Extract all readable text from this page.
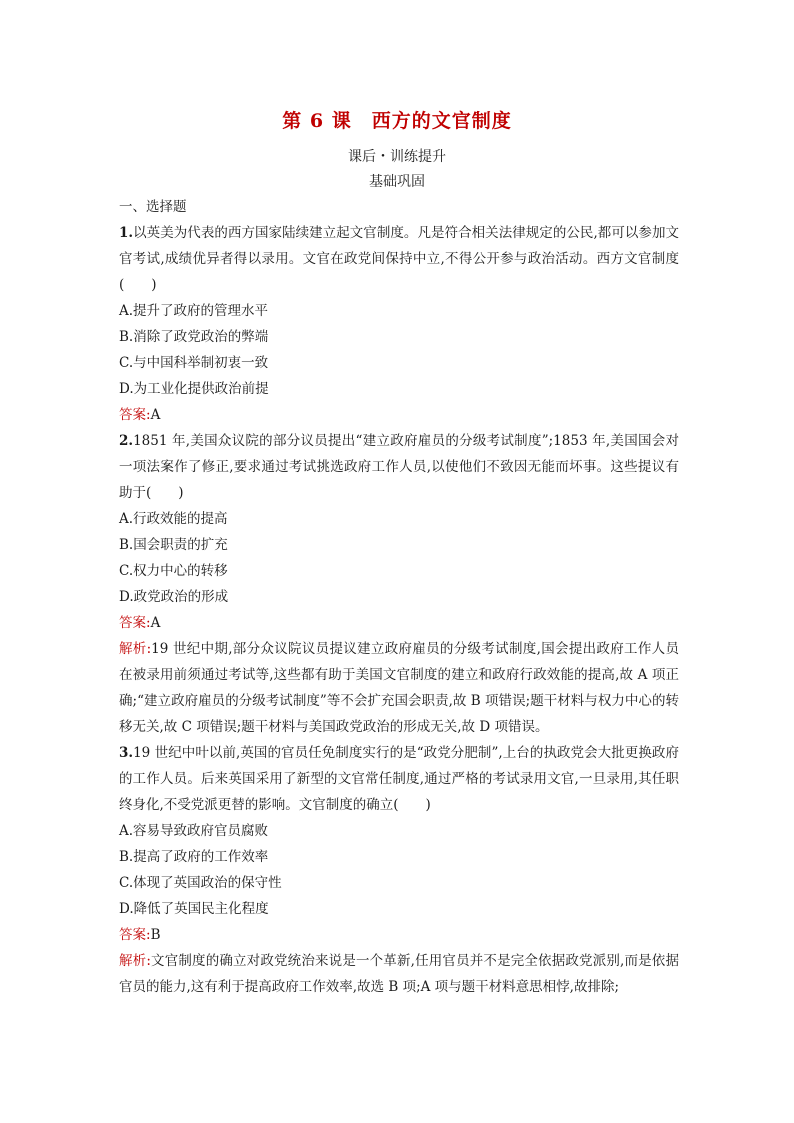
第 6 课　西方的文官制度
课后・训练提升
基础巩固

一、选择题

1.以英美为代表的西方国家陆续建立起文官制度。凡是符合相关法律规定的公民,都可以参加文官考试,成绩优异者得以录用。文官在政党间保持中立,不得公开参与政治活动。西方文官制度(　　)

A.提升了政府的管理水平

B.消除了政党政治的弊端

C.与中国科举制初衷一致

D.为工业化提供政治前提

答案:A

2.1851 年,美国众议院的部分议员提出“建立政府雇员的分级考试制度”;1853 年,美国国会对一项法案作了修正,要求通过考试挑选政府工作人员,以使他们不致因无能而坏事。这些提议有助于(　　)

A.行政效能的提高

B.国会职责的扩充

C.权力中心的转移

D.政党政治的形成

答案:A

解析:19 世纪中期,部分众议院议员提议建立政府雇员的分级考试制度,国会提出政府工作人员在被录用前须通过考试等,这些都有助于美国文官制度的建立和政府行政效能的提高,故 A 项正确;“建立政府雇员的分级考试制度”等不会扩充国会职责,故 B 项错误;题干材料与权力中心的转移无关,故 C 项错误;题干材料与美国政党政治的形成无关,故 D 项错误。

3.19 世纪中叶以前,英国的官员任免制度实行的是“政党分肥制”,上台的执政党会大批更换政府的工作人员。后来英国采用了新型的文官常任制度,通过严格的考试录用文官,一旦录用,其任职终身化,不受党派更替的影响。文官制度的确立(　　)

A.容易导致政府官员腐败

B.提高了政府的工作效率

C.体现了英国政治的保守性

D.降低了英国民主化程度

答案:B

解析:文官制度的确立对政党统治来说是一个革新,任用官员并不是完全依据政党派别,而是依据官员的能力,这有利于提高政府工作效率,故选 B 项;A 项与题干材料意思相悖,故排除;
